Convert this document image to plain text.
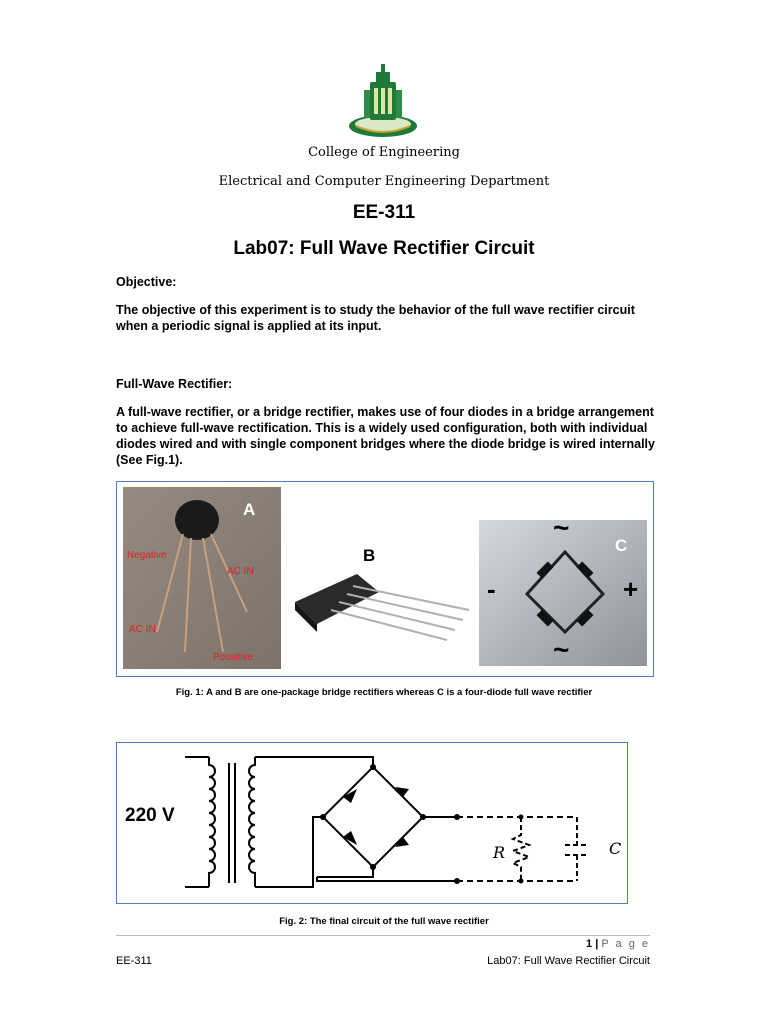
College of Engineering
Electrical and Computer Engineering Department
EE-311
Lab07: Full Wave Rectifier Circuit
Objective:
The objective of this experiment is to study the behavior of the full wave rectifier circuit
when a periodic signal is applied at its input.
Full-Wave Rectifier:
A full-wave rectifier, or a bridge rectifier, makes use of four diodes in a bridge arrangement
to achieve full-wave rectification. This is a widely used configuration, both with individual
diodes wired and with single component bridges where the diode bridge is wired internally
(See Fig.1).
A
Negative
AC IN
AC IN
Possitive
B
C
~
~
-	+
Fig. 1: A and B are one-package bridge rectifiers whereas C is a four-diode full wave rectifier
220 V
R	C
Fig. 2: The final circuit of the full wave rectifier
1 | P a g e
EE-311	Lab07: Full Wave Rectifier Circuit
